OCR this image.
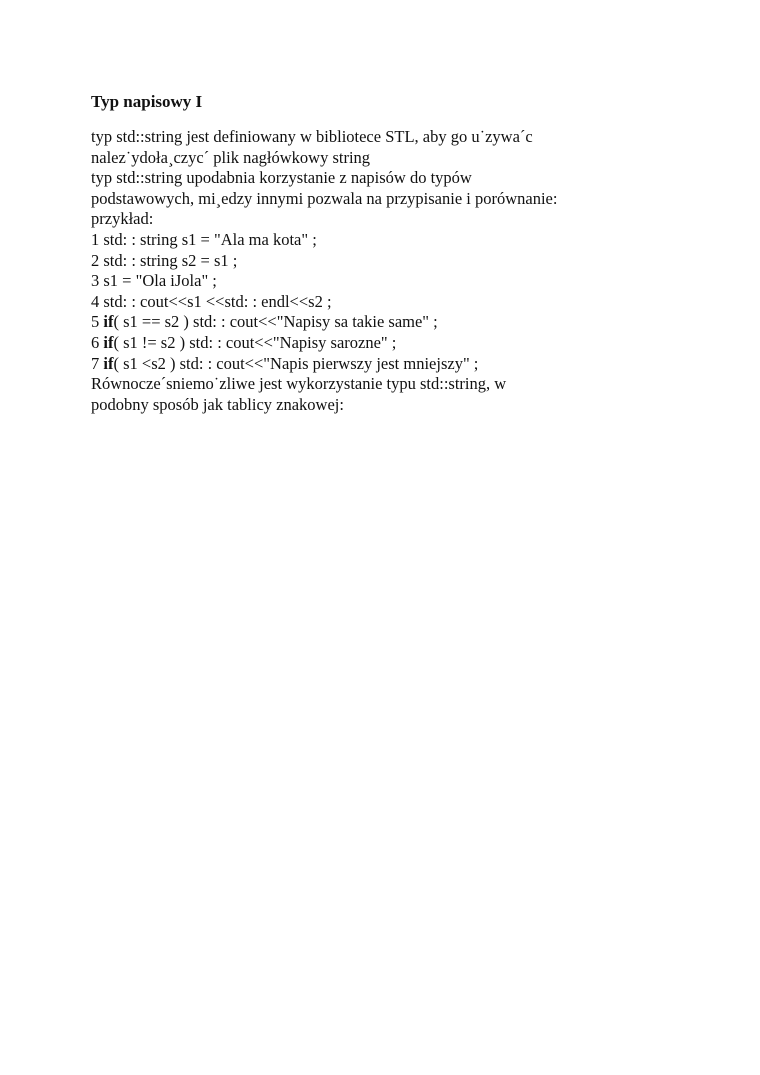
Typ napisowy I
typ std::string jest definiowany w bibliotece STL, aby go u˙zywa´c
nalez˙ydoła¸czyc´ plik nagłówkowy string
typ std::string upodabnia korzystanie z napisów do typów
podstawowych, mi¸edzy innymi pozwala na przypisanie i porównanie:
przykład:
1 std: : string s1 = "Ala ma kota" ;
2 std: : string s2 = s1 ;
3 s1 = "Ola iJola" ;
4 std: : cout<<s1 <<std: : endl<<s2 ;
5 if( s1 == s2 ) std: : cout<<"Napisy sa takie same" ;
6 if( s1 != s2 ) std: : cout<<"Napisy sarozne" ;
7 if( s1 <s2 ) std: : cout<<"Napis pierwszy jest mniejszy" ;
Równocze´sniemo˙zliwe jest wykorzystanie typu std::string, w
podobny sposób jak tablicy znakowej:
